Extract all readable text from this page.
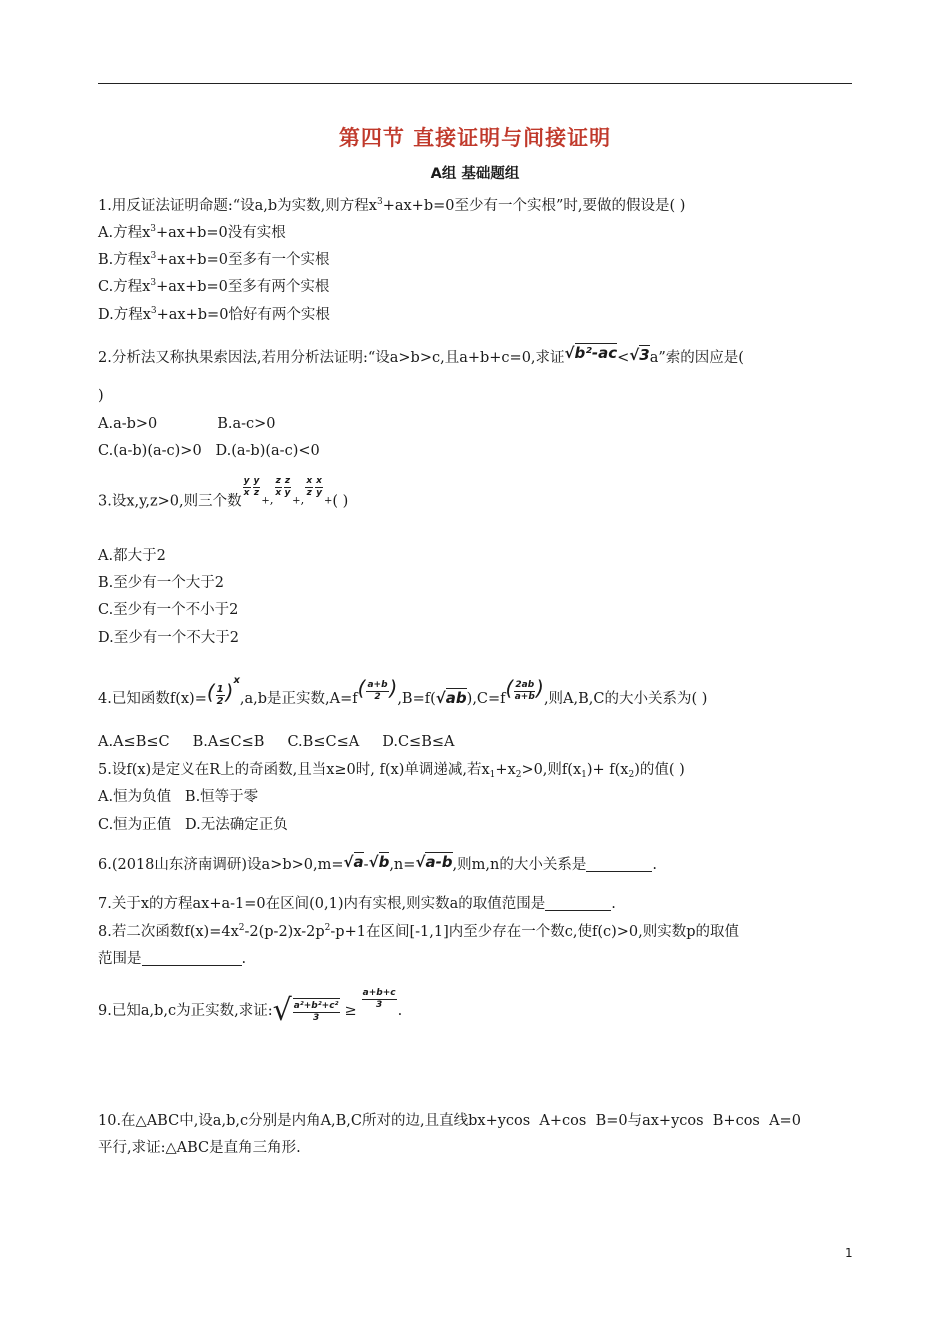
第四节 直接证明与间接证明
A组 基础题组
1.用反证法证明命题:“设a,b为实数,则方程$x^3+ax+b=0$至少有一个实根”时,要做的假设是( )
A.方程$x^3+ax+b=0$没有实根
B.方程$x^3+ax+b=0$至多有一个实根
C.方程$x^3+ax+b=0$至多有两个实根
D.方程$x^3+ax+b=0$恰好有两个实根
2.分析法又称执果索因法,若用分析法证明:“设a>b>c,且a+b+c=0,求证√b²-ac<√3a”索的因应是(
)
A.a-b>0             B.a-c>0
C.(a-b)(a-c)>0   D.(a-b)(a-c)<0
3.设x,y,z>0,则三个数
$\frac{y}{x} \frac{y}{z}$
$_{+,}$
$\frac{z}{x} \frac{z}{y}$
$_{+,}$
$\frac{x}{z} \frac{x}{y}$
$_+$( )
A.都大于2
B.至少有一个大于2
C.至少有一个不小于2
D.至少有一个不大于2
4.已知函数$f(x)=( \frac{1}{2} )^x,a,b$是正实数$,A=f( \frac{a+b}{2} ),B=f(√ab),C=f( \frac{2ab}{a+b}$ ),则A,B,C的大小关系为( )
A.A≤B≤C     B.A≤C≤B     C.B≤C≤A     D.C≤B≤A
5.设f(x)是定义在R上的奇函数,且当x≥0时, f(x)单调递减,若$x_1+x_2>0$,则$f(x_1)+ f(x_2)$的值( )
A.恒为负值   B.恒等于零
C.恒为正值   D.无法确定正负
6.(2018山东济南调研)设a>b>0,m=√a-√b,n=√a-b,则m,n的大小关系是	.
7.关于x的方程ax+a-1=0在区间(0,1)内有实根,则实数a的取值范围是	.
8.若二次函数$f(x)=4x^2-2(p-2)x-2p^2-p+1$在区间[-1,1]内至少存在一个数c,使f(c)>0,则实数p的取值
范围是	.
9.已知a,b,c为正实数,求证:√ $\frac{\text{a²+b²+c²}}{3} \ge \frac{a+b+c}{3}$ .
10.在△ABC中,设a,b,c分别是内角A,B,C所对的边,且直线bx+ycos  A+cos  B=0与ax+ycos  B+cos  A=0
平行,求证:△ABC是直角三角形.
1
